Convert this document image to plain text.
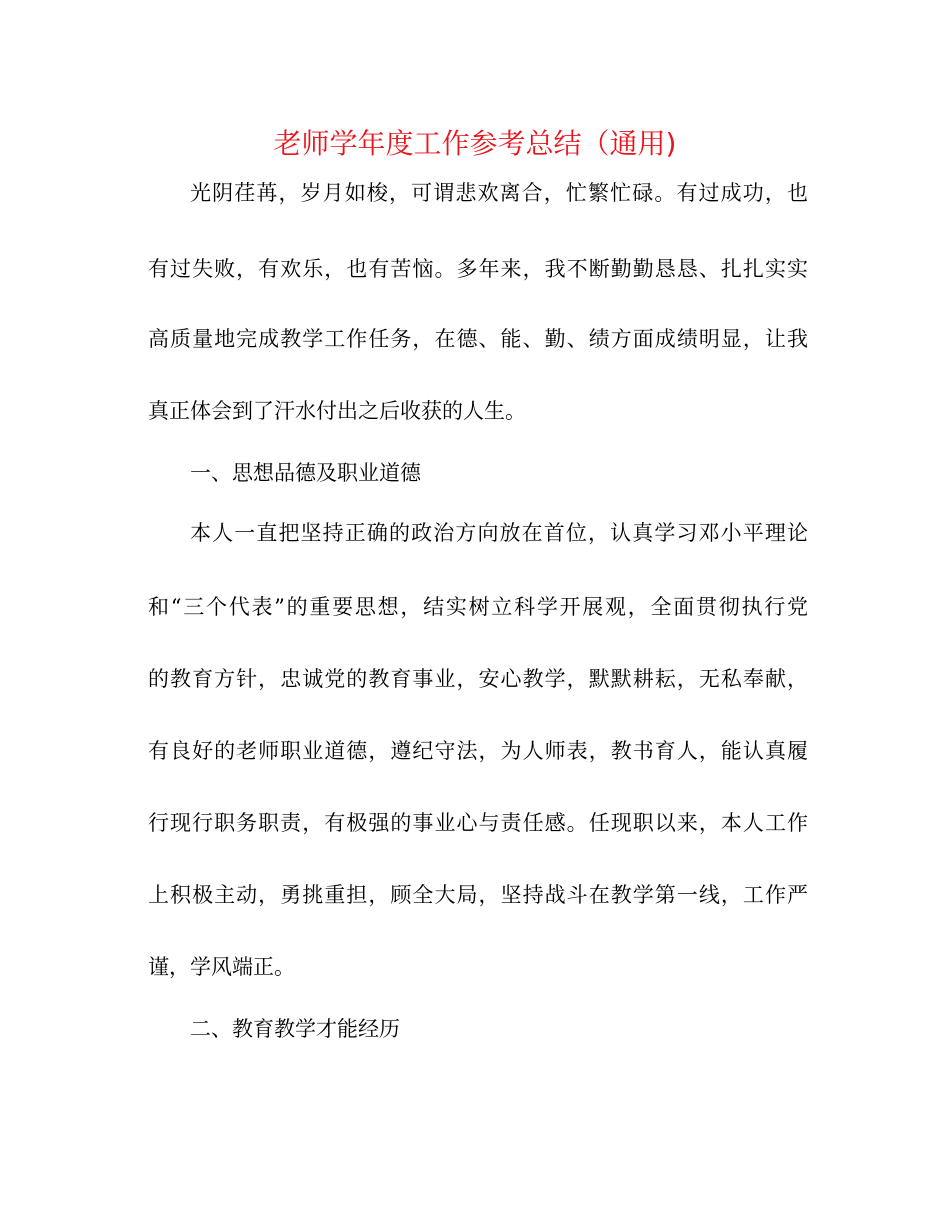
老师学年度工作参考总结（通用)
光阴荏苒，岁月如梭，可谓悲欢离合，忙繁忙碌。有过成功，也
有过失败，有欢乐，也有苦恼。多年来，我不断勤勤恳恳、扎扎实实
高质量地完成教学工作任务，在德、能、勤、绩方面成绩明显，让我
真正体会到了汗水付出之后收获的人生。
一、思想品德及职业道德
本人一直把坚持正确的政治方向放在首位，认真学习邓小平理论
和“三个代表”的重要思想，结实树立科学开展观，全面贯彻执行党
的教育方针，忠诚党的教育事业，安心教学，默默耕耘，无私奉献，
有良好的老师职业道德，遵纪守法，为人师表，教书育人，能认真履
行现行职务职责，有极强的事业心与责任感。任现职以来，本人工作
上积极主动，勇挑重担，顾全大局，坚持战斗在教学第一线，工作严
谨，学风端正。
二、教育教学才能经历
